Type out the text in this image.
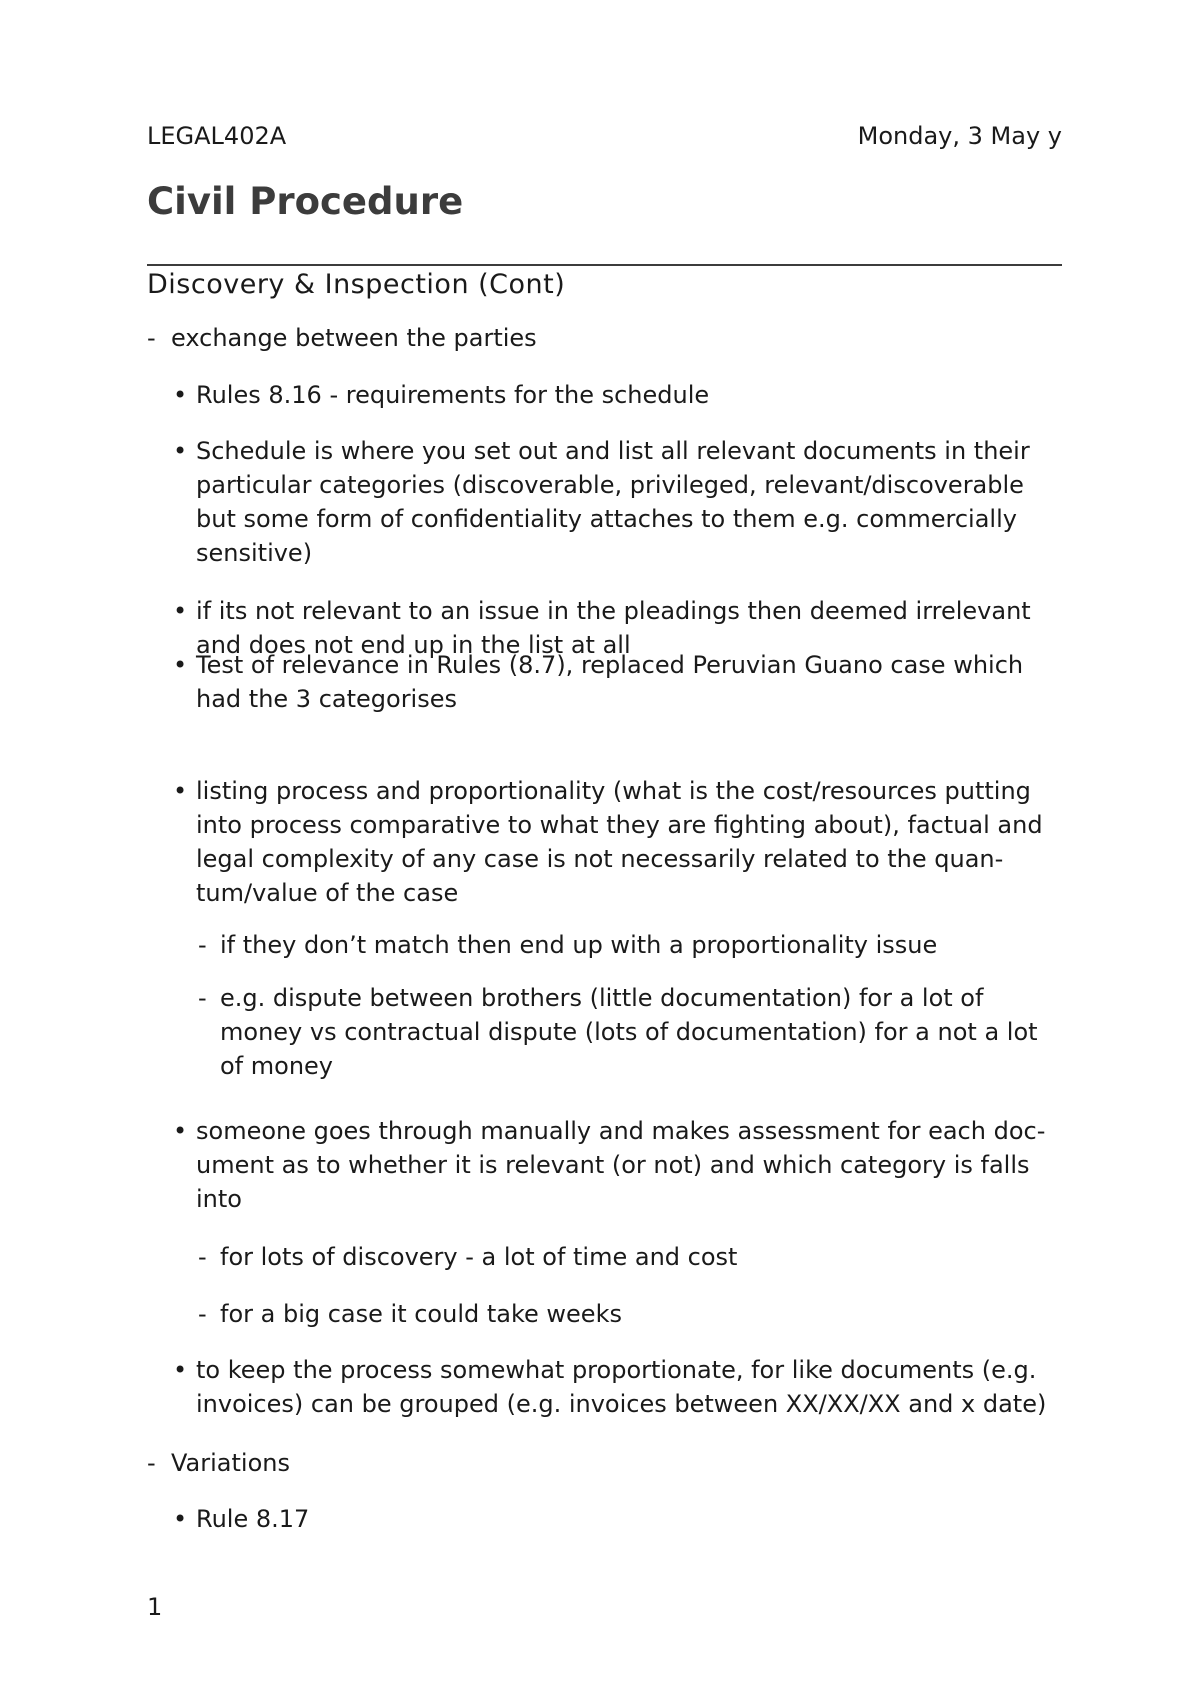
LEGAL402A	Monday, 3 May y
Civil Procedure
Discovery & Inspection (Cont)
- exchange between the parties
• Rules 8.16 - requirements for the schedule
• Schedule is where you set out and list all relevant documents in their
particular categories (discoverable, privileged, relevant/discoverable
but some form of confidentiality attaches to them e.g. commercially
sensitive)
• if its not relevant to an issue in the pleadings then deemed irrelevant
and does not end up in the list at all
• Test of relevance in Rules (8.7), replaced Peruvian Guano case which
had the 3 categorises
• listing process and proportionality (what is the cost/resources putting
into process comparative to what they are fighting about), factual and
legal complexity of any case is not necessarily related to the quan-
tum/value of the case
- if they don’t match then end up with a proportionality issue
- e.g. dispute between brothers (little documentation) for a lot of
money vs contractual dispute (lots of documentation) for a not a lot
of money
• someone goes through manually and makes assessment for each doc-
ument as to whether it is relevant (or not) and which category is falls
into
- for lots of discovery - a lot of time and cost
- for a big case it could take weeks
• to keep the process somewhat proportionate, for like documents (e.g.
invoices) can be grouped (e.g. invoices between XX/XX/XX and x date)
- Variations
• Rule 8.17
1
